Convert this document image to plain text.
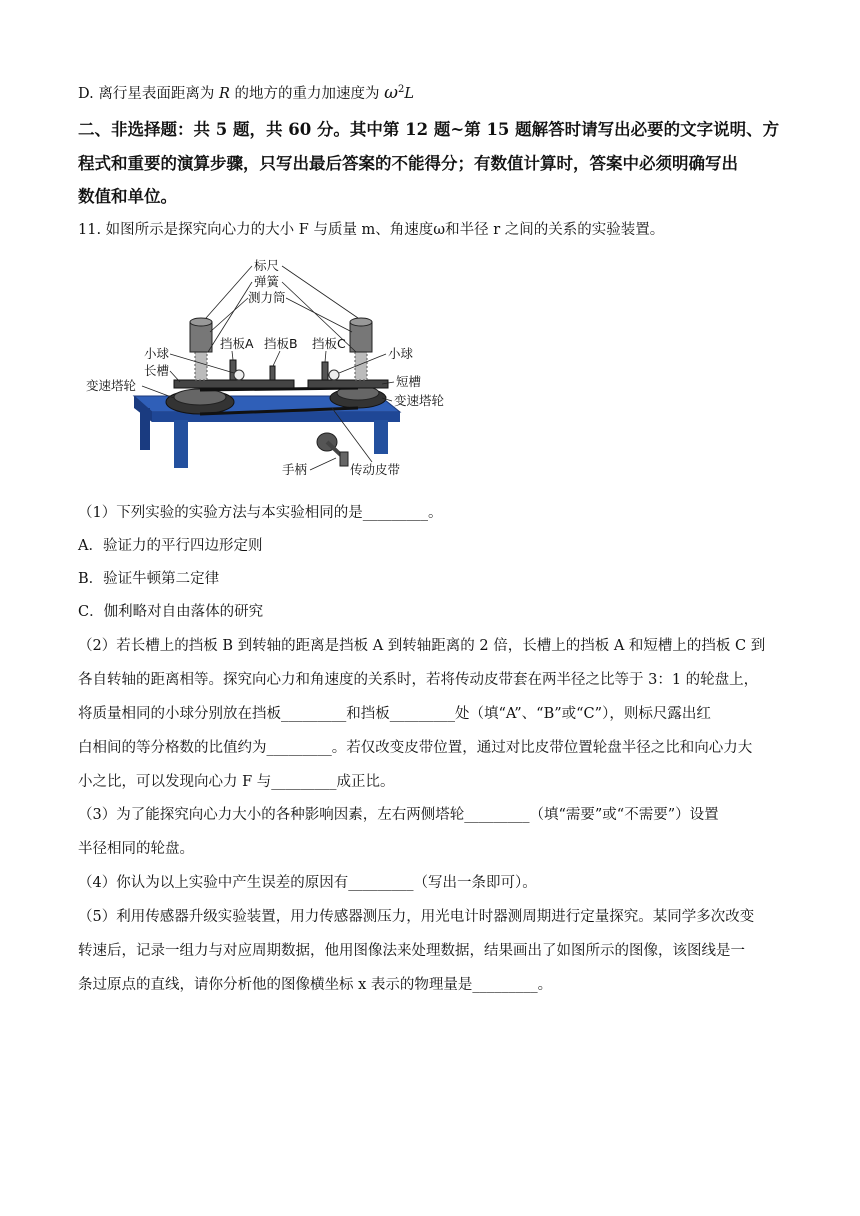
D. 离行星表面距离为 R 的地方的重力加速度为 $\omega^2L$
二、非选择题：共 5 题，共 60 分。其中第 12 题~第 15 题解答时请写出必要的文字说明、方
程式和重要的演算步骤，只写出最后答案的不能得分；有数值计算时，答案中必须明确写出
数值和单位。
11. 如图所示是探究向心力的大小 F 与质量 m、角速度ω和半径 r 之间的关系的实验装置。
标尺
弹簧
测力筒
挡板A 挡板B 挡板C
小球
长槽
变速塔轮
小球
短槽
变速塔轮
手柄	传动皮带
（1）下列实验的实验方法与本实验相同的是_________。
A．验证力的平行四边形定则
B．验证牛顿第二定律
C．伽利略对自由落体的研究
（2）若长槽上的挡板 B 到转轴的距离是挡板 A 到转轴距离的 2 倍，长槽上的挡板 A 和短槽上的挡板 C 到
各自转轴的距离相等。探究向心力和角速度的关系时，若将传动皮带套在两半径之比等于 3：1 的轮盘上，
将质量相同的小球分别放在挡板_________和挡板_________处（填“A”、“B”或“C”），则标尺露出红
白相间的等分格数的比值约为_________。若仅改变皮带位置，通过对比皮带位置轮盘半径之比和向心力大
小之比，可以发现向心力 F 与_________成正比。
（3）为了能探究向心力大小的各种影响因素，左右两侧塔轮_________（填“需要”或“不需要”）设置
半径相同的轮盘。
（4）你认为以上实验中产生误差的原因有_________（写出一条即可）。
（5）利用传感器升级实验装置，用力传感器测压力，用光电计时器测周期进行定量探究。某同学多次改变
转速后，记录一组力与对应周期数据，他用图像法来处理数据，结果画出了如图所示的图像，该图线是一
条过原点的直线，请你分析他的图像横坐标 x 表示的物理量是_________。
